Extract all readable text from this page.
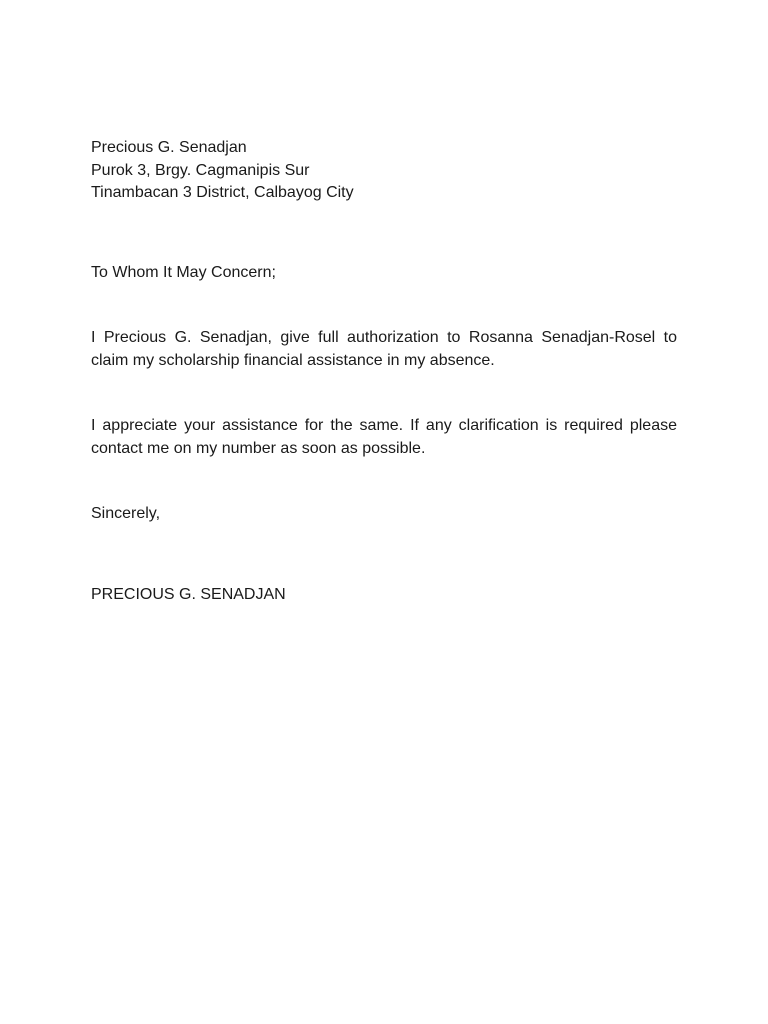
Precious G. Senadjan
Purok 3, Brgy. Cagmanipis Sur
Tinambacan 3 District, Calbayog City
To Whom It May Concern;

I Precious G. Senadjan, give full authorization to Rosanna Senadjan-Rosel to claim my scholarship financial assistance in my absence.

I appreciate your assistance for the same. If any clarification is required please contact me on my number as soon as possible.

Sincerely,
PRECIOUS G. SENADJAN
